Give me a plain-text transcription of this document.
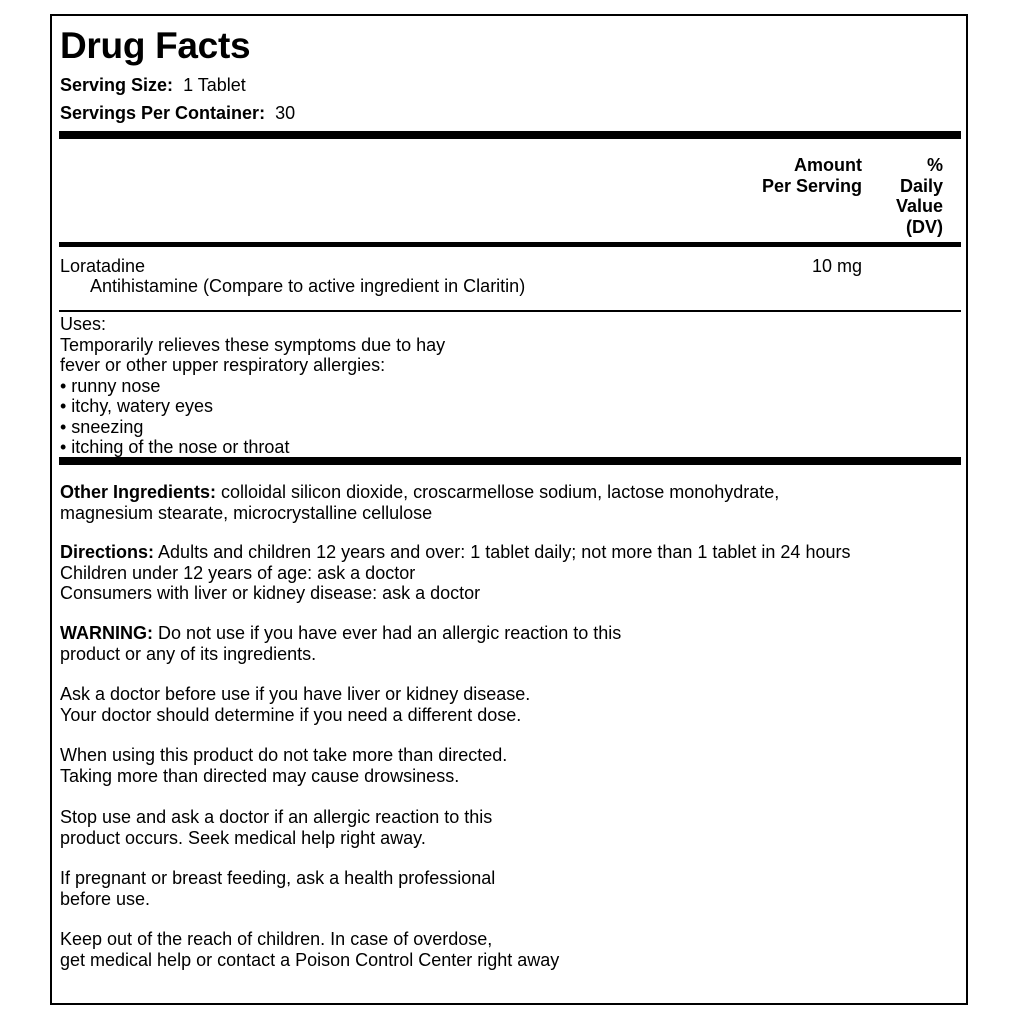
Drug Facts
Serving Size: 1 Tablet
Servings Per Container: 30
Amount
Per Serving
%
Daily
Value
(DV)
Loratadine	10 mg
Antihistamine (Compare to active ingredient in Claritin)
Uses:
Temporarily relieves these symptoms due to hay
fever or other upper respiratory allergies:
• runny nose
• itchy, watery eyes
• sneezing
• itching of the nose or throat
Other Ingredients: colloidal silicon dioxide, croscarmellose sodium, lactose monohydrate,
magnesium stearate, microcrystalline cellulose
Directions: Adults and children 12 years and over: 1 tablet daily; not more than 1 tablet in 24 hours
Children under 12 years of age: ask a doctor
Consumers with liver or kidney disease: ask a doctor
WARNING: Do not use if you have ever had an allergic reaction to this
product or any of its ingredients.
Ask a doctor before use if you have liver or kidney disease.
Your doctor should determine if you need a different dose.
When using this product do not take more than directed.
Taking more than directed may cause drowsiness.
Stop use and ask a doctor if an allergic reaction to this
product occurs. Seek medical help right away.
If pregnant or breast feeding, ask a health professional
before use.
Keep out of the reach of children. In case of overdose,
get medical help or contact a Poison Control Center right away
